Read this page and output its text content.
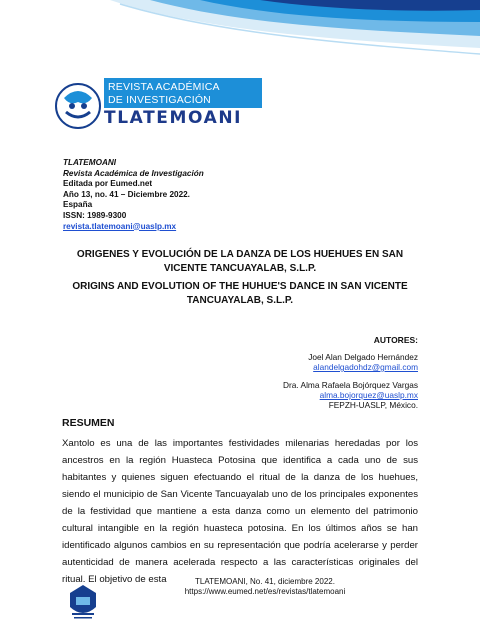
REVISTA ACADÉMICA
DE INVESTIGACIÓN
TLATEMOANI
TLATEMOANI
Revista Académica de Investigación
Editada por Eumed.net
Año 13, no. 41 – Diciembre 2022.
España
ISSN: 1989-9300
revista.tlatemoani@uaslp.mx
ORIGENES Y EVOLUCIÓN DE LA DANZA DE LOS HUEHUES EN SAN VICENTE TANCUAYALAB, S.L.P.
ORIGINS AND EVOLUTION OF THE HUHUE'S DANCE IN SAN VICENTE TANCUAYALAB, S.L.P.
AUTORES:
Joel Alan Delgado Hernández
alandelgadohdz@gmail.com
Dra. Alma Rafaela Bojórquez Vargas
alma.bojorquez@uaslp.mx
FEPZH-UASLP, México.
RESUMEN
Xantolo es una de las importantes festividades milenarias heredadas por los ancestros en la región Huasteca Potosina que identifica a cada uno de sus habitantes y quienes siguen efectuando el ritual de la danza de los huehues, siendo el municipio de San Vicente Tancuayalab uno de los principales exponentes de la festividad que mantiene a esta danza como un elemento del patrimonio cultural intangible en la región huasteca potosina. En los últimos años se han identificado algunos cambios en su representación que podría acelerarse y perder autenticidad de manera acelerada respecto a las características originales del ritual. El objetivo de esta	TLATEMOANI, No. 41, diciembre 2022.
https://www.eumed.net/es/revistas/tlatemoani
